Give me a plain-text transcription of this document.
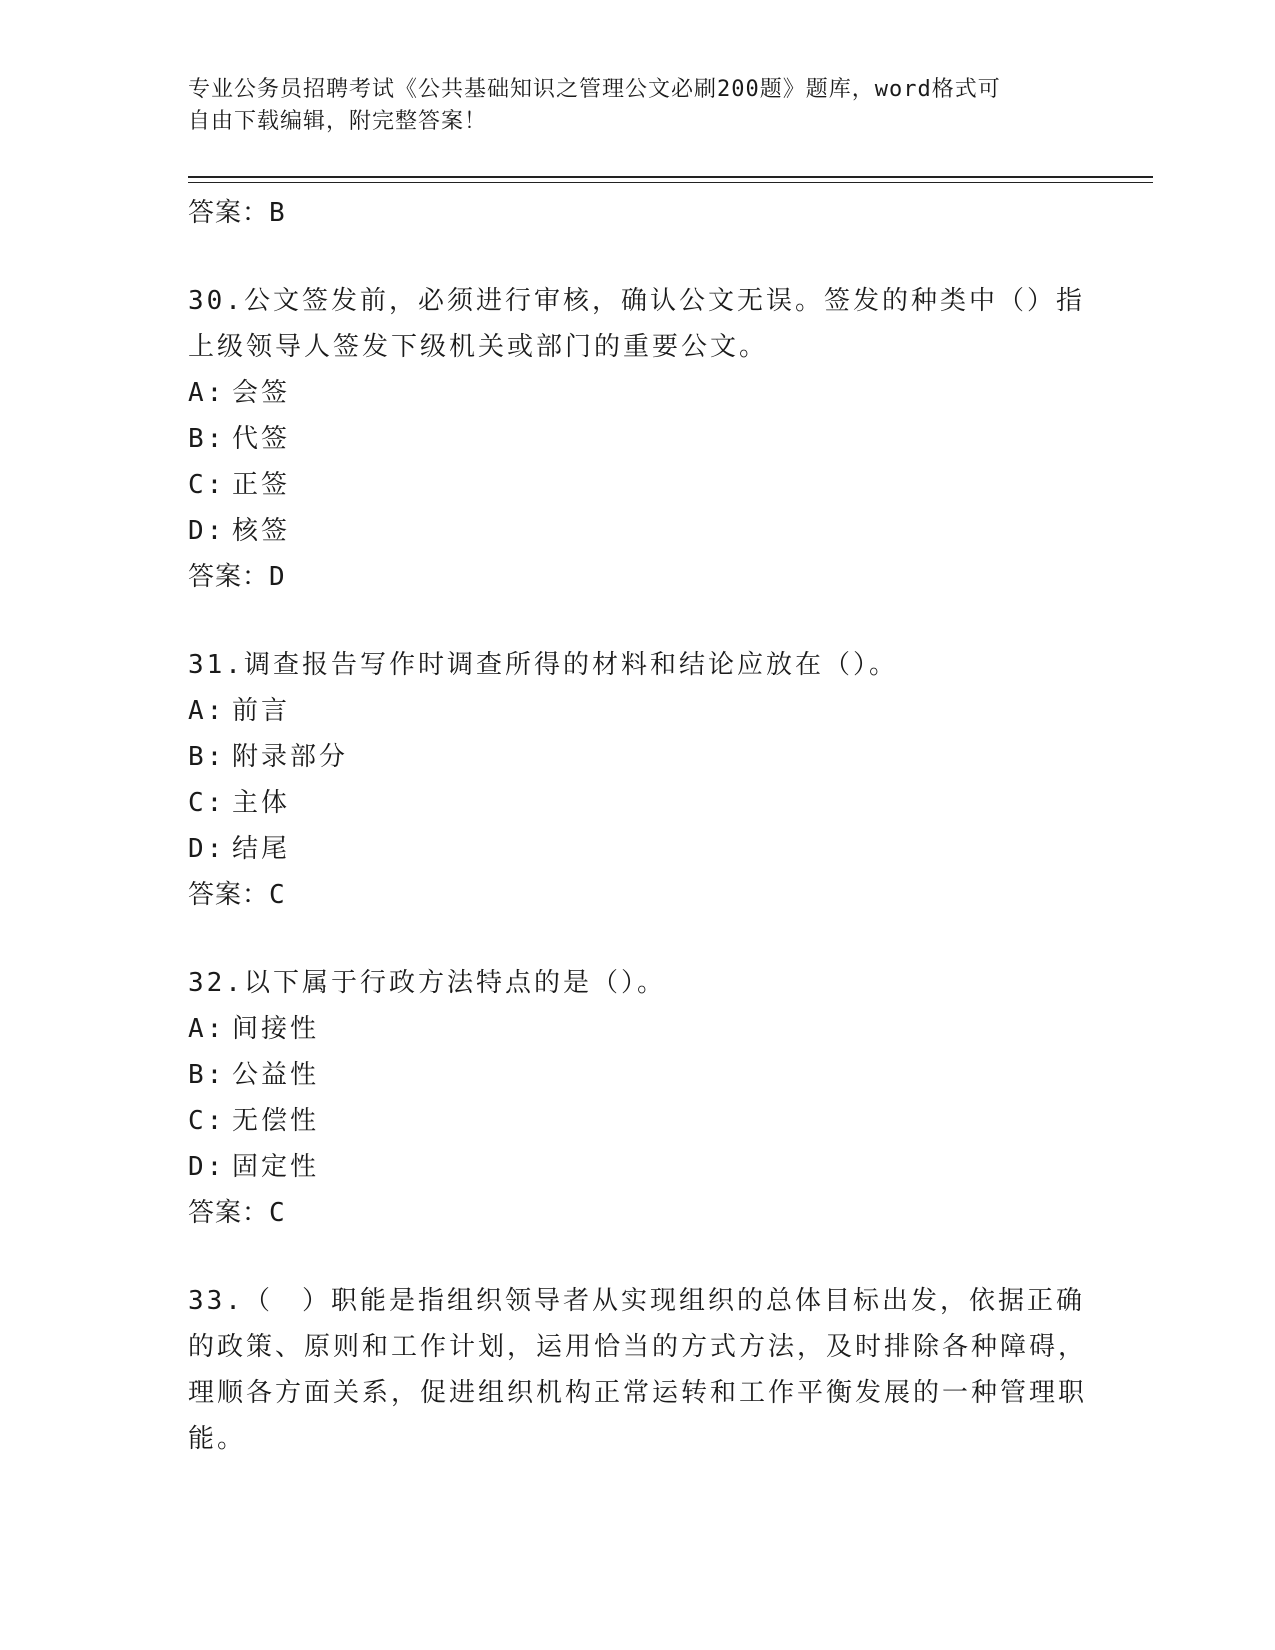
专业公务员招聘考试《公共基础知识之管理公文必刷200题》题库，word格式可
自由下载编辑，附完整答案！

答案：B

30.公文签发前，必须进行审核，确认公文无误。签发的种类中（）指上级领导人签发下级机关或部门的重要公文。

A: 会签

B: 代签

C: 正签

D: 核签

答案：D

31.调查报告写作时调查所得的材料和结论应放在（）。

A: 前言

B: 附录部分

C: 主体

D: 结尾

答案：C

32.以下属于行政方法特点的是（）。

A: 间接性

B: 公益性

C: 无偿性

D: 固定性

答案：C

33.（　）职能是指组织领导者从实现组织的总体目标出发，依据正确的政策、原则和工作计划，运用恰当的方式方法，及时排除各种障碍，理顺各方面关系，促进组织机构正常运转和工作平衡发展的一种管理职能。
